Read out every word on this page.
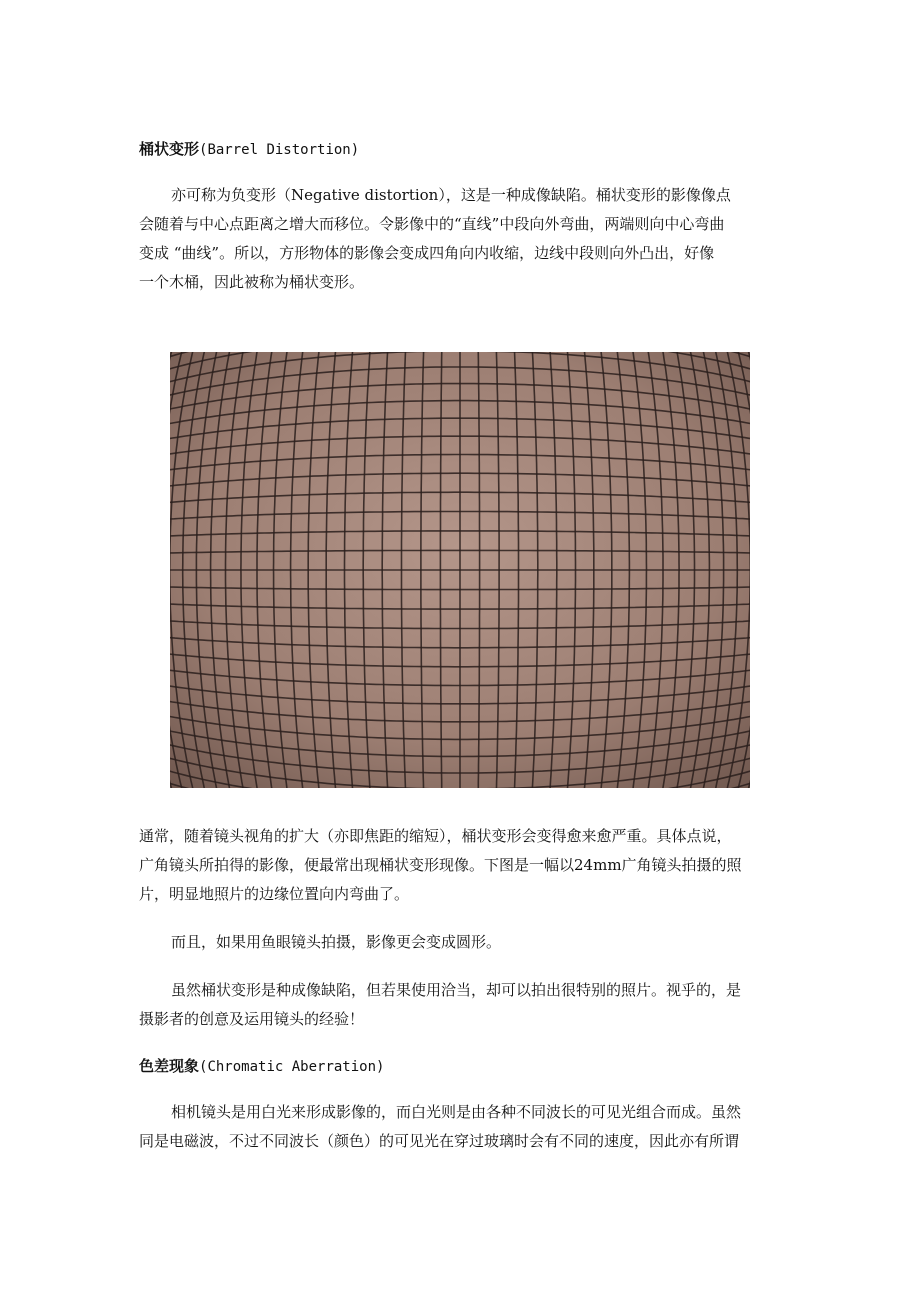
桶状变形(Barrel Distortion)

亦可称为负变形（Negative distortion），这是一种成像缺陷。桶状变形的影像像点
会随着与中心点距离之增大而移位。令影像中的“直线”中段向外弯曲，两端则向中心弯曲
变成 “曲线”。所以，方形物体的影像会变成四角向内收缩，边线中段则向外凸出，好像
一个木桶，因此被称为桶状变形。

通常，随着镜头视角的扩大（亦即焦距的缩短），桶状变形会变得愈来愈严重。具体点说，
广角镜头所拍得的影像，便最常出现桶状变形现像。下图是一幅以24mm广角镜头拍摄的照
片，明显地照片的边缘位置向内弯曲了。

而且，如果用鱼眼镜头拍摄，影像更会变成圆形。

虽然桶状变形是种成像缺陷，但若果使用洽当，却可以拍出很特别的照片。视乎的，是
摄影者的创意及运用镜头的经验！

色差现象(Chromatic Aberration)

相机镜头是用白光来形成影像的，而白光则是由各种不同波长的可见光组合而成。虽然
同是电磁波，不过不同波长（颜色）的可见光在穿过玻璃时会有不同的速度，因此亦有所谓
